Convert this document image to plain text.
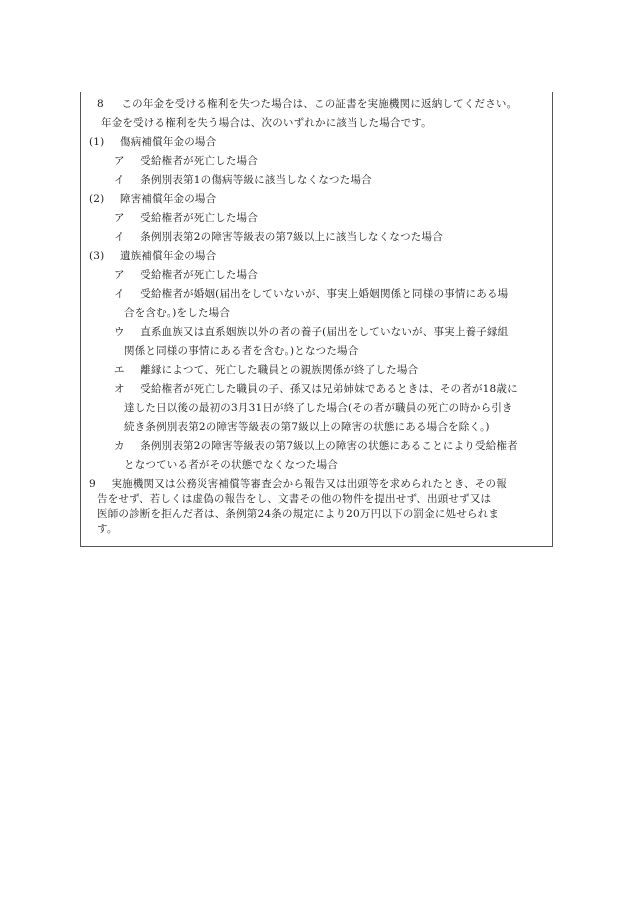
8 この年金を受ける権利を失つた場合は、この証書を実施機関に返納してください。
年金を受ける権利を失う場合は、次のいずれかに該当した場合です。
(1) 傷病補償年金の場合
ア 受給権者が死亡した場合
イ 条例別表第1の傷病等級に該当しなくなつた場合
(2) 障害補償年金の場合
ア 受給権者が死亡した場合
イ 条例別表第2の障害等級表の第7級以上に該当しなくなつた場合
(3) 遺族補償年金の場合
ア 受給権者が死亡した場合
イ 受給権者が婚姻(届出をしていないが、事実上婚姻関係と同様の事情にある場
合を含む。)をした場合
ウ 直系血族又は直系姻族以外の者の養子(届出をしていないが、事実上養子縁組
関係と同様の事情にある者を含む。)となつた場合
エ 離縁によつて、死亡した職員との親族関係が終了した場合
オ 受給権者が死亡した職員の子、孫又は兄弟姉妹であるときは、その者が18歳に
達した日以後の最初の3月31日が終了した場合(その者が職員の死亡の時から引き
続き条例別表第2の障害等級表の第7級以上の障害の状態にある場合を除く。)
カ 条例別表第2の障害等級表の第7級以上の障害の状態にあることにより受給権者
となつている者がその状態でなくなつた場合
9 実施機関又は公務災害補償等審査会から報告又は出頭等を求められたとき、その報
告をせず、若しくは虚偽の報告をし、文書その他の物件を提出せず、出頭せず又は
医師の診断を拒んだ者は、条例第24条の規定により20万円以下の罰金に処せられま
す。
